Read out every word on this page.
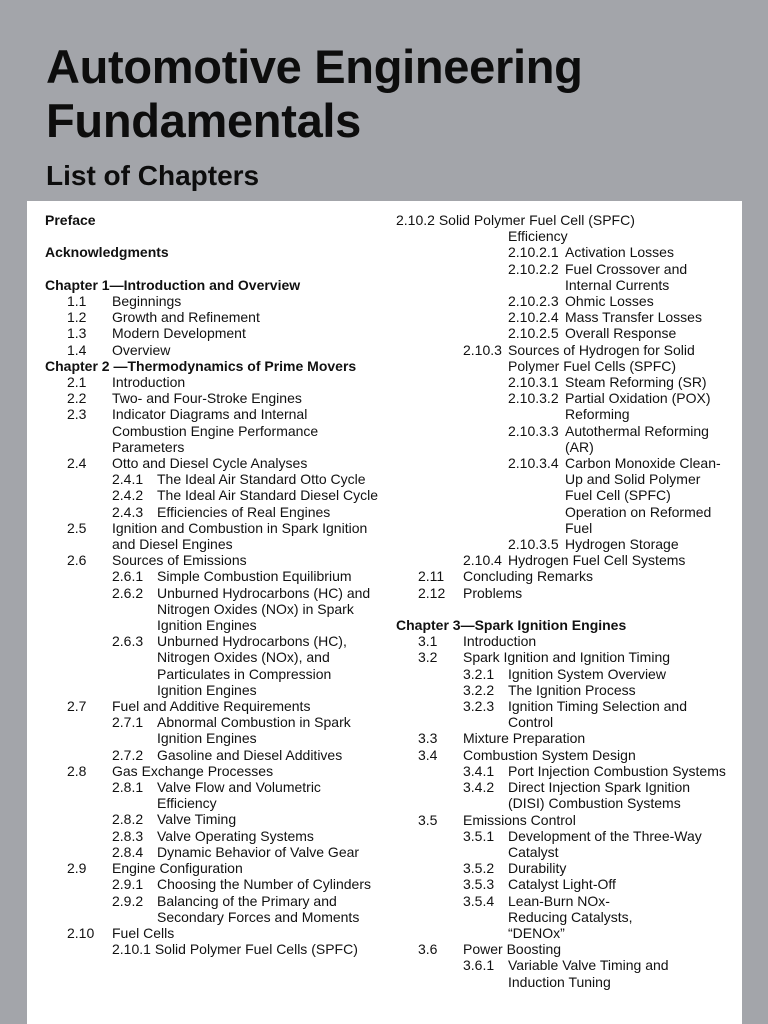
Automotive Engineering
Fundamentals
List of Chapters
Preface
Acknowledgments
Chapter 1—Introduction and Overview
1.1	Beginnings
1.2	Growth and Refinement
1.3	Modern Development
1.4	Overview
Chapter 2 —Thermodynamics of Prime Movers
2.1	Introduction
2.2	Two- and Four-Stroke Engines
2.3	Indicator Diagrams and Internal Combustion Engine Performance Parameters
2.4	Otto and Diesel Cycle Analyses
2.4.1 The Ideal Air Standard Otto Cycle
2.4.2 The Ideal Air Standard Diesel Cycle
2.4.3 Efficiencies of Real Engines
2.5	Ignition and Combustion in Spark Ignition and Diesel Engines
2.6	Sources of Emissions
2.6.1 Simple Combustion Equilibrium
2.6.2 Unburned Hydrocarbons (HC) and Nitrogen Oxides (NOx) in Spark Ignition Engines
2.6.3 Unburned Hydrocarbons (HC), Nitrogen Oxides (NOx), and Particulates in Compression Ignition Engines
2.7	Fuel and Additive Requirements
2.7.1 Abnormal Combustion in Spark Ignition Engines
2.7.2 Gasoline and Diesel Additives
2.8	Gas Exchange Processes
2.8.1 Valve Flow and Volumetric Efficiency
2.8.2 Valve Timing
2.8.3 Valve Operating Systems
2.8.4 Dynamic Behavior of Valve Gear
2.9	Engine Configuration
2.9.1 Choosing the Number of Cylinders
2.9.2 Balancing of the Primary and Secondary Forces and Moments
2.10	Fuel Cells
2.10.1 Solid Polymer Fuel Cells (SPFC)
2.10.2 Solid Polymer Fuel Cell (SPFC)
Efficiency
2.10.2.1 Activation Losses
2.10.2.2 Fuel Crossover and Internal Currents
2.10.2.3 Ohmic Losses
2.10.2.4 Mass Transfer Losses
2.10.2.5 Overall Response
2.10.3 Sources of Hydrogen for Solid Polymer Fuel Cells (SPFC)
2.10.3.1 Steam Reforming (SR)
2.10.3.2 Partial Oxidation (POX) Reforming
2.10.3.3 Autothermal Reforming (AR)
2.10.3.4 Carbon Monoxide Clean-Up and Solid Polymer Fuel Cell (SPFC) Operation on Reformed Fuel
2.10.3.5 Hydrogen Storage
2.10.4 Hydrogen Fuel Cell Systems
2.11	Concluding Remarks
2.12	Problems
Chapter 3—Spark Ignition Engines
3.1	Introduction
3.2	Spark Ignition and Ignition Timing
3.2.1 Ignition System Overview
3.2.2 The Ignition Process
3.2.3 Ignition Timing Selection and Control
3.3	Mixture Preparation
3.4	Combustion System Design
3.4.1 Port Injection Combustion Systems
3.4.2 Direct Injection Spark Ignition (DISI) Combustion Systems
3.5	Emissions Control
3.5.1 Development of the Three-Way Catalyst
3.5.2 Durability
3.5.3 Catalyst Light-Off
3.5.4 Lean-Burn NOx-Reducing Catalysts, “DENOx”
3.6	Power Boosting
3.6.1 Variable Valve Timing and Induction Tuning
